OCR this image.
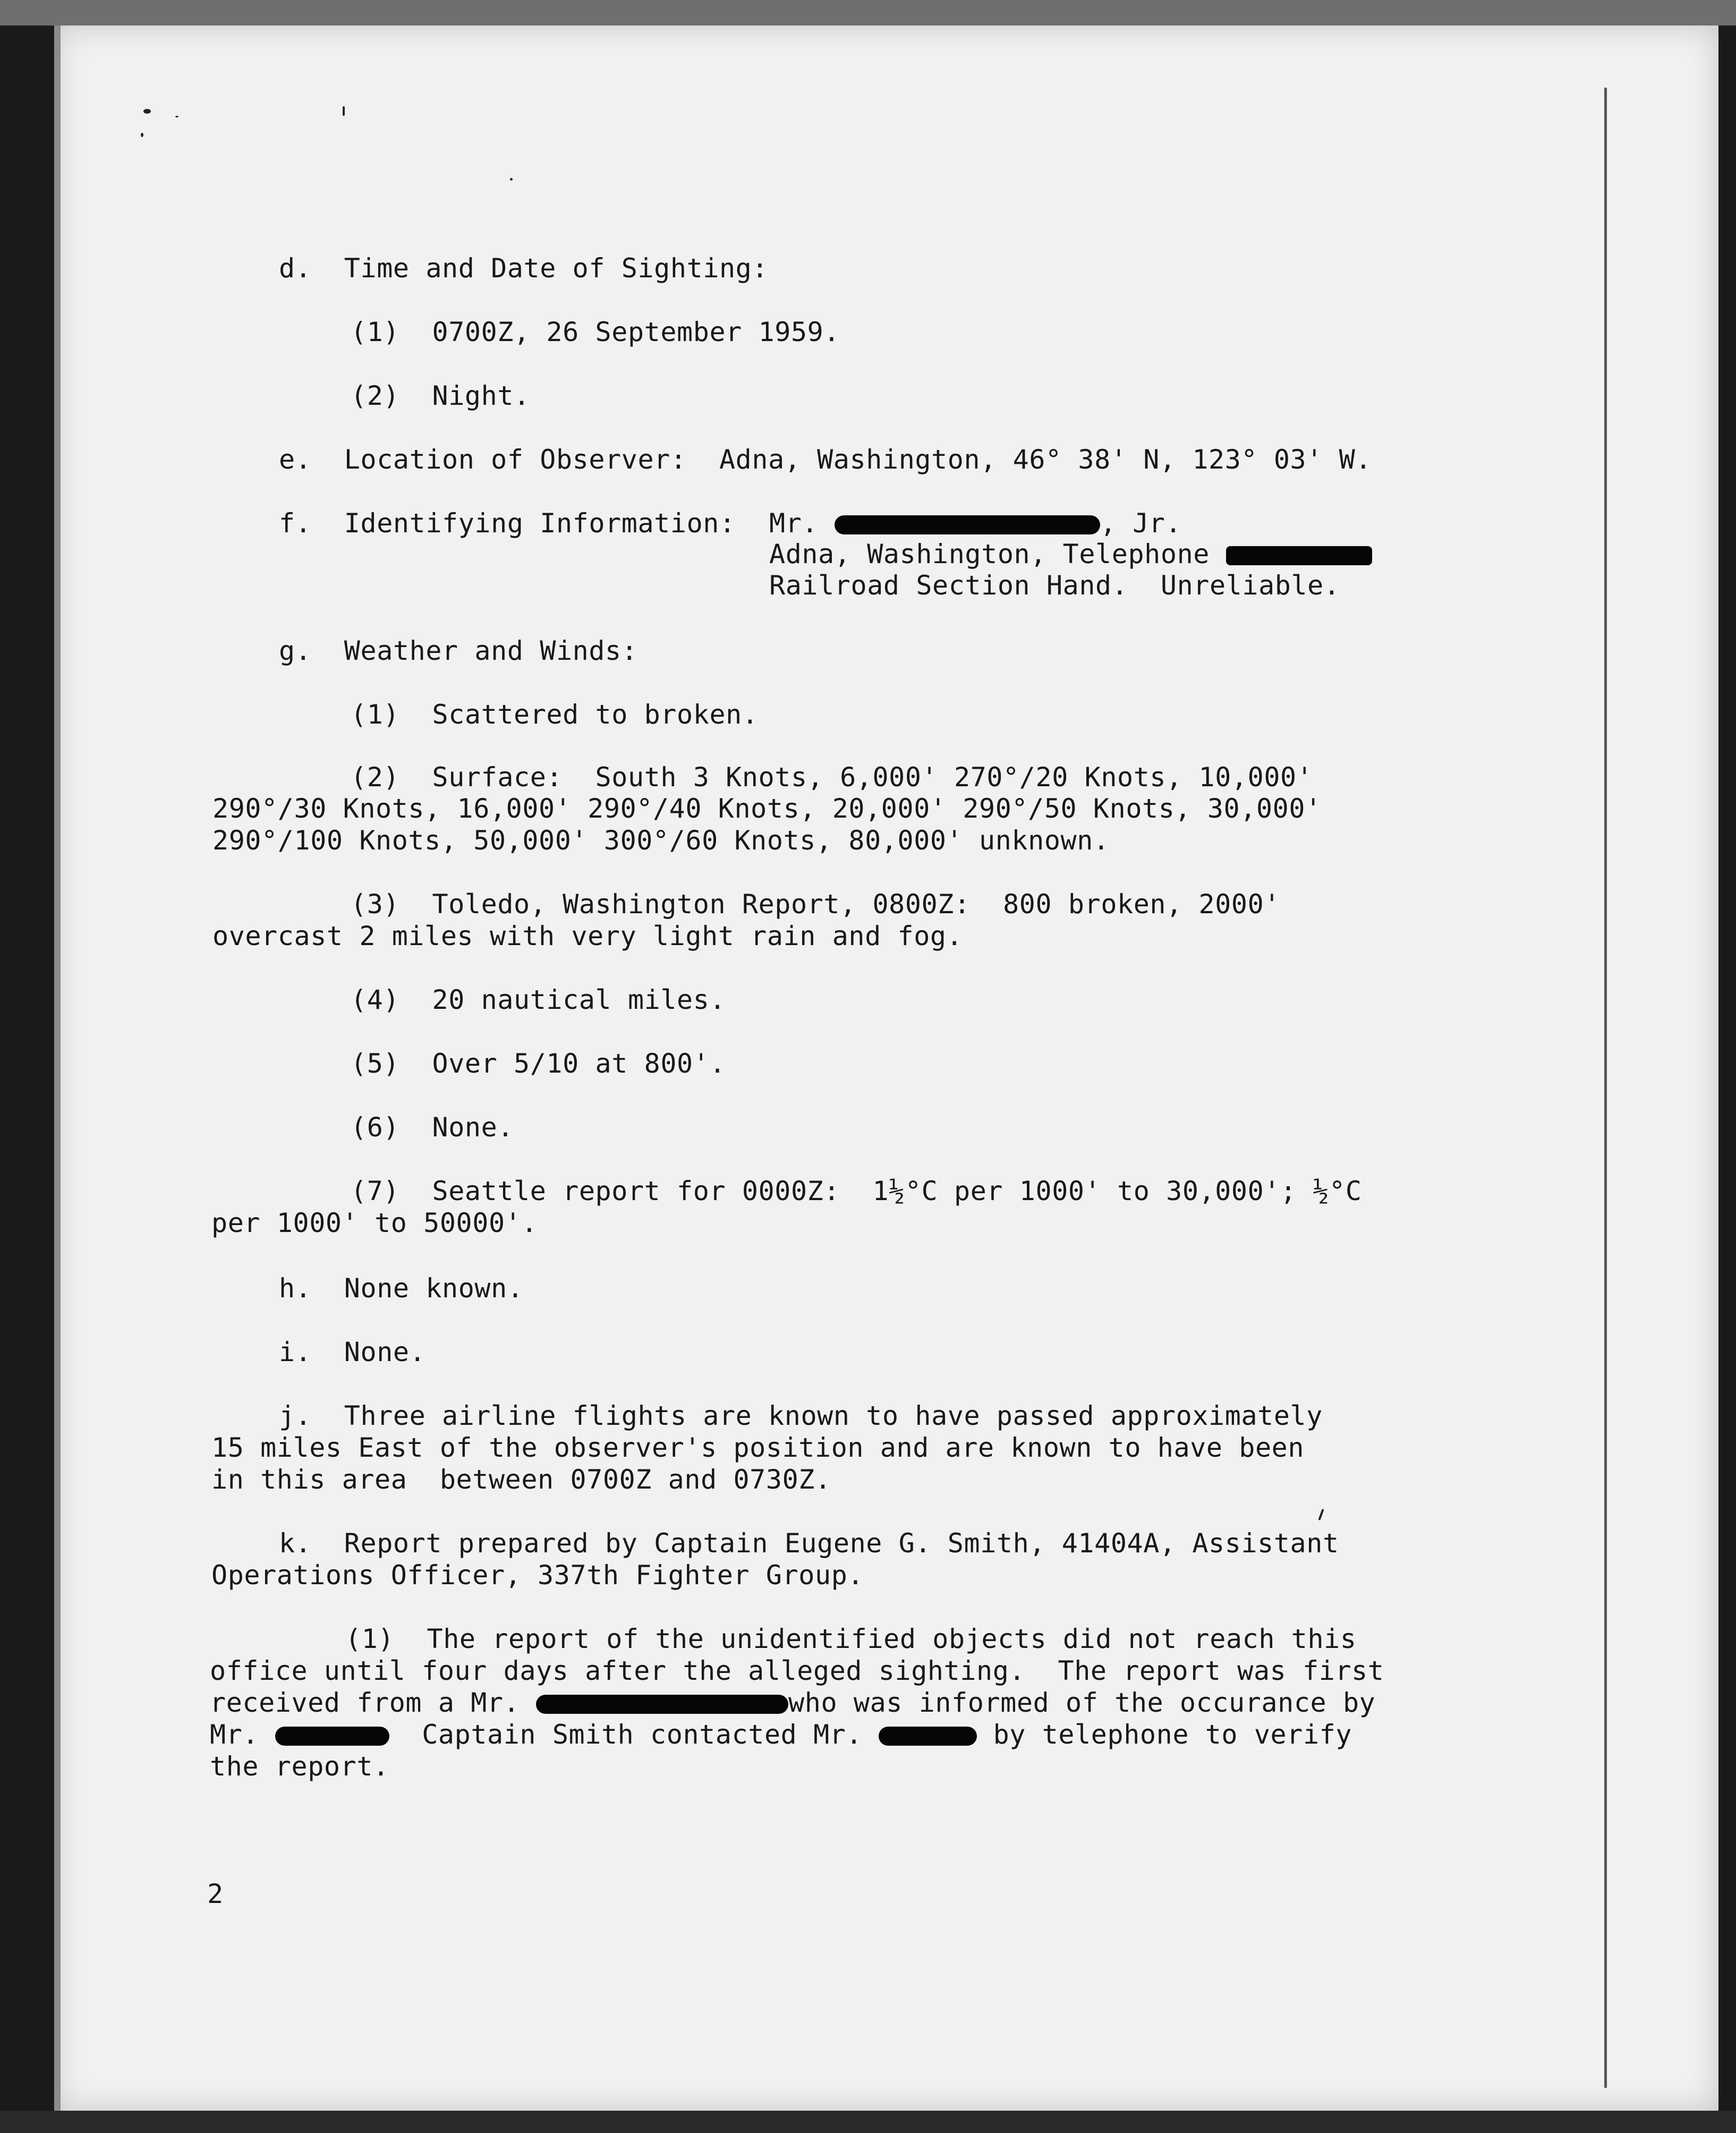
d.  Time and Date of Sighting:
(1)  0700Z, 26 September 1959.
(2)  Night.
e.  Location of Observer:  Adna, Washington, 46° 38' N, 123° 03' W.
f.  Identifying Information: Mr.	, Jr.
Adna, Washington, Telephone
Railroad Section Hand.  Unreliable.
g.  Weather and Winds:
(1)  Scattered to broken.
(2)  Surface:  South 3 Knots, 6,000' 270°/20 Knots, 10,000'
290°/30 Knots, 16,000' 290°/40 Knots, 20,000' 290°/50 Knots, 30,000'
290°/100 Knots, 50,000' 300°/60 Knots, 80,000' unknown.
(3)  Toledo, Washington Report, 0800Z:  800 broken, 2000'
overcast 2 miles with very light rain and fog.
(4)  20 nautical miles.
(5)  Over 5/10 at 800'.
(6)  None.
(7)  Seattle report for 0000Z:  1½°C per 1000' to 30,000'; ½°C
per 1000' to 50000'.
h.  None known.
i.  None.
j.  Three airline flights are known to have passed approximately
15 miles East of the observer's position and are known to have been
in this area  between 0700Z and 0730Z.
k.  Report prepared by Captain Eugene G. Smith, 41404A, Assistant
Operations Officer, 337th Fighter Group.
(1)  The report of the unidentified objects did not reach this
office until four days after the alleged sighting.  The report was first
received from a Mr.	who was informed of the occurance by
Mr.	Captain Smith contacted Mr.	by telephone to verify
the report.
2
